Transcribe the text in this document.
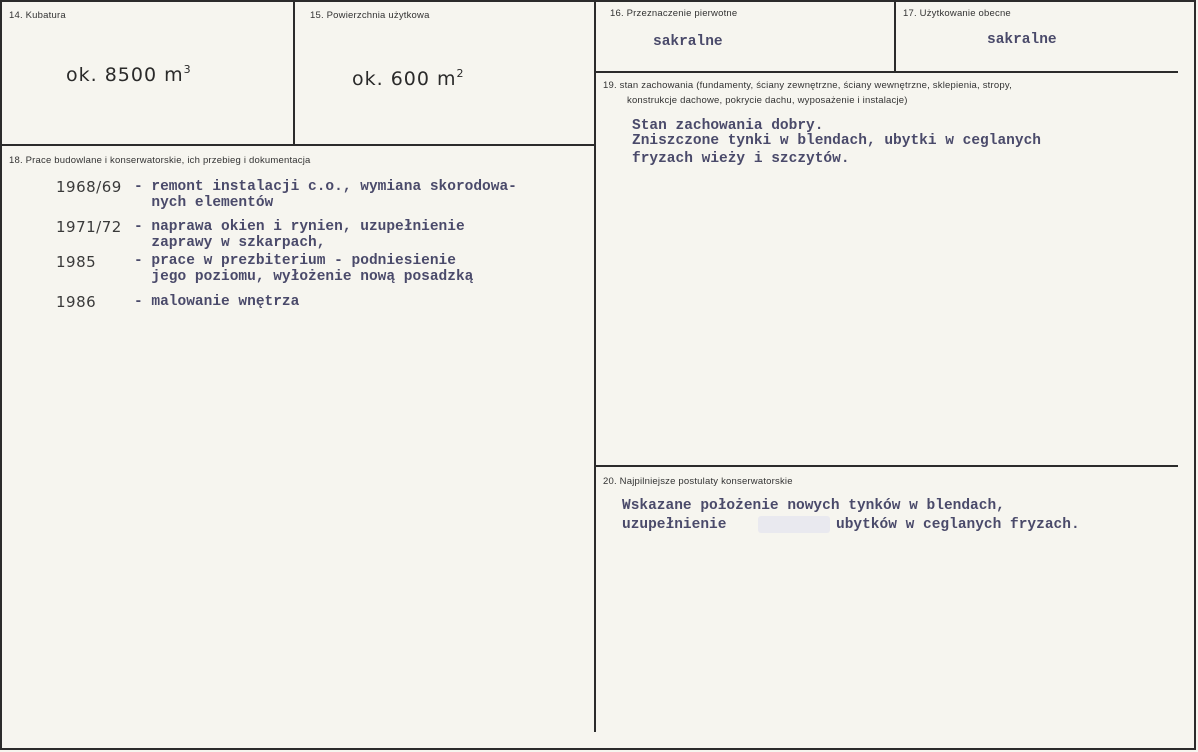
14. Kubatura
ok. 8500 $m^3$
15. Powierzchnia użytkowa
ok. 600 $m^2$
16. Przeznaczenie pierwotne
sakralne
17. Użytkowanie obecne
sakralne
18. Prace budowlane i konserwatorskie, ich przebieg i dokumentacja
1968/69 - remont instalacji c.o., wymiana skorodowa-
nych elementów
1971/72 - naprawa okien i rynien, uzupełnienie
zaprawy w szkarpach,
1985	- prace w prezbiterium - podniesienie
jego poziomu, wyłożenie nową posadzką
1986	- malowanie wnętrza
19. stan zachowania (fundamenty, ściany zewnętrzne, ściany wewnętrzne, sklepienia, stropy,
konstrukcje dachowe, pokrycie dachu, wyposażenie i instalacje)
Stan zachowania dobry.
Zniszczone tynki w blendach, ubytki w ceglanych
fryzach wieży i szczytów.
20. Najpilniejsze postulaty konserwatorskie
Wskazane położenie nowych tynków w blendach,
uzupełnienie	ubytków w ceglanych fryzach.
